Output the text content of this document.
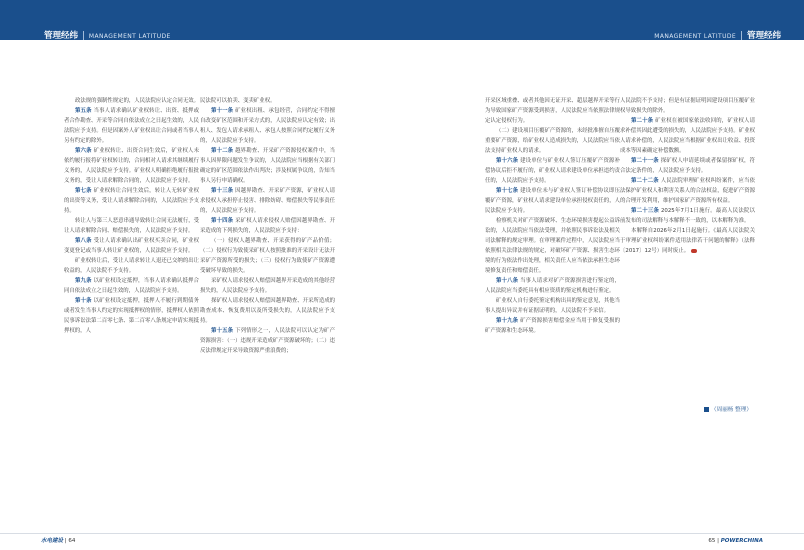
管理经纬 | MANAGEMENT LATITUDE	MANAGEMENT LATITUDE | 管理经纬

政法规的强制性规定的，人民法院应认定合同无效。

第五条 当事人请求确认矿业权转让、出资、抵押或者合作勘查、开采等合同自依法成立之日起生效的，人民法院应予支持。但是因案外人矿业权出让合同或者当事人另有约定的除外。

第六条 矿业权转让、出资合同生效后，矿业权人未依约履行报将矿业权转让的，合同相对人请求其继续履行义务的，人民法院应予支持。矿业权人明确拒绝履行报批义务的，受让人请求解除合同的，人民法院应予支持。

第七条 矿业权转让合同生效后，转让人无转矿业权的出资等义务，受让人请求解除合同的，人民法院应予支持。

转让人与第三人恶意串通导致转让合同无法履行，受让人请求解除合同、赔偿损失的，人民法院应予支持。

第八条 受让人请求确认出矿业权买卖合同，矿业权变更登记或当事人转让矿业权的，人民法院应予支持。

矿业权转让后，受让人请求转让人退还已交纳的出让收益的，人民法院不予支持。

第九条 以矿业权设定抵押，当事人请求确认抵押合同自依法成立之日起生效的，人民法院应予支持。

第十条 以矿业权设定抵押，抵押人不履行到期债务或者发生当事人约定的实现抵押权的情形，抵押权人依照民事诉讼法第二百零七条、第二百零八条规定申请实现抵押权的，人

民法院可以拍卖、变卖矿业权。

第十一条 矿业权出租、承包经营，合同约定不得擅自改变矿区范围和开采方式的，人民法院应认定有效；出租人、发包人请求承租人、承包人按照合同约定履行义务的，人民法院应予支持。

第十二条 越界勘查、开采矿产资源侵权案件中，当事人因界限问题发生争议的，人民法院应当根据有关部门确定的矿区范围依法作出判决；涉及权属争议的，告知当事人另行申请确权。

第十三条 因越界勘查、开采矿产资源，矿业权人请求侵权人承担停止侵害、排除妨碍、赔偿损失等民事责任的，人民法院应予支持。

第十四条 采矿权人请求侵权人赔偿因越界勘查、开采造成的下列损失的，人民法院应予支持：

（一）侵权人越界勘查、开采获得的矿产品价值；（二）侵权行为致使采矿权人按照批准的开采设计无法开采矿产资源所受的损失；（三）侵权行为致使矿产资源遭受破坏导致的损失。

采矿权人请求侵权人赔偿因越界开采造成的其他经营损失的，人民法院应予支持。

探矿权人请求侵权人赔偿因越界勘查、开采所造成的勘查成本、恢复费用以及所受损失的，人民法院应予支持。

第十五条 下列情形之一，人民法院可以认定为矿产资源损害：（一）违规开采造成矿产资源破坏的；（二）违反法律规定开采导致资源严重浪费的；

开采区域重叠、或者其他因无证开采、超层越界开采等行为导致国家矿产资源受到损害，人民法院应当依照法律规定认定侵权行为。

（二）建设项目压覆矿产资源的，未经批准擅自压覆重要矿产资源，给矿业权人造成损失的，人民法院应当依法支持矿业权人的请求。

第十六条 建设单位与矿业权人签订压覆矿产资源补偿协议后拒不履行的，矿业权人请求建设单位承担违约责任的，人民法院应予支持。

第十七条 建设单位未与矿业权人签订补偿协议即压覆矿产资源，矿业权人请求建设单位承担侵权责任的，人民法院应予支持。

检察机关对矿产资源破坏、生态环境损害提起公益诉讼的，人民法院应当依法受理，并依照民事诉讼法及相关司法解释的规定审理。在审理案件过程中，人民法院应当依照相关法律法规的规定，对破坏矿产资源、损害生态环境的行为依法作出处理，相关责任人应当依法承担生态环境修复责任和赔偿责任。

第十八条 当事人请求对矿产资源损害进行鉴定的，人民法院应当委托具有相应资质的鉴定机构进行鉴定。

矿业权人自行委托鉴定机构出具的鉴定意见，其他当事人提出异议并有证据证明的，人民法院不予采信。

第十九条 矿产资源损害赔偿金应当用于修复受损的矿产资源和生态环境。

人民法院不予支持；但是有证据证明因建设项目压覆矿业权导致损失的除外。

第二十条 矿业权在被国家依法收回的，矿业权人请求补偿其因此遭受的损失的，人民法院应予支持。矿业权人请求补偿的，人民法院应当根据矿业权出让收益、投资成本等因素确定补偿数额。

第二十一条 探矿权人申请延续或者保留探矿权，符合法定条件的，人民法院应予支持。

第二十二条 人民法院审理矿业权纠纷案件，应当依法保护矿业权人和利害关系人的合法权益，促进矿产资源的合理开发利用，维护国家矿产资源所有权益。

第二十三条 2025年7月1日施行。最高人民法院以前发布的司法解释与本解释不一致的，以本解释为准。

本解释自2026年2月1日起施行。《最高人民法院关于审理矿业权纠纷案件适用法律若干问题的解释》（法释〔2017〕12号）同时废止。

（周丽杨 整理）
水电建设 | 64	65 | POWERCHINA
